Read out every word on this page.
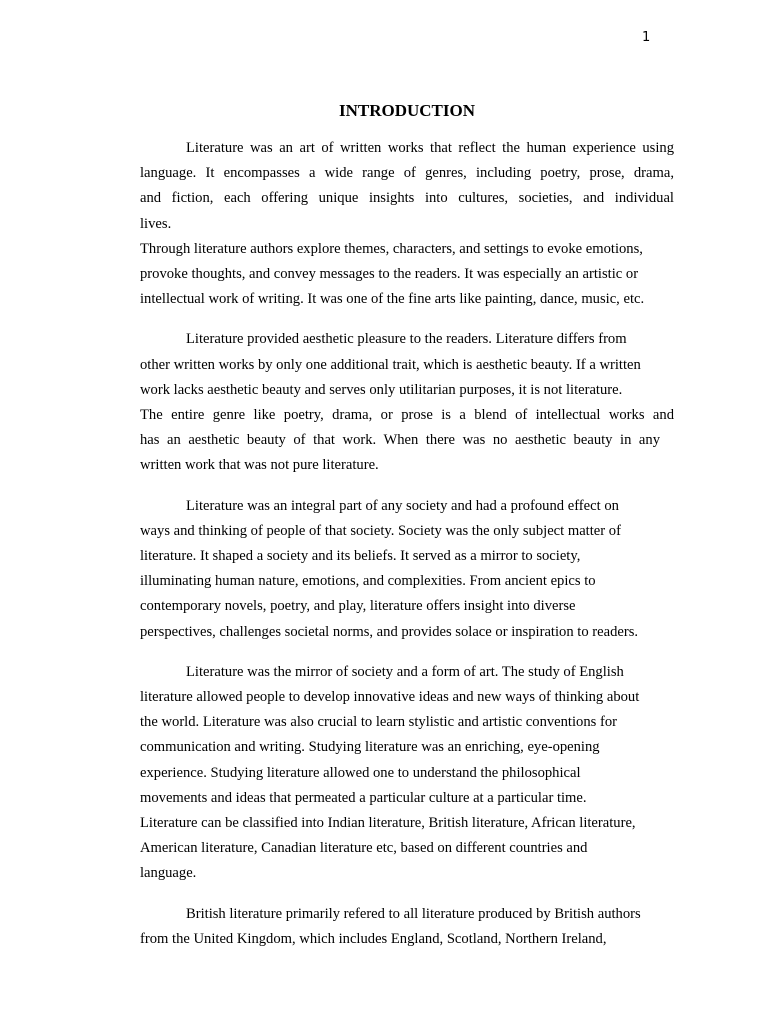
1
INTRODUCTION

Literature was an art of written works that reflect the human experience using
language. It encompasses a wide range of genres, including poetry, prose, drama,
and fiction, each offering unique insights into cultures, societies, and individual
lives.

Through literature authors explore themes, characters, and settings to evoke emotions,
provoke thoughts, and convey messages to the readers. It was especially an artistic or
intellectual work of writing. It was one of the fine arts like painting, dance, music, etc.

Literature provided aesthetic pleasure to the readers. Literature differs from
other written works by only one additional trait, which is aesthetic beauty. If a written
work lacks aesthetic beauty and serves only utilitarian purposes, it is not literature.
The entire genre like poetry, drama, or prose is a blend of intellectual works and
has an aesthetic beauty of that work. When there was no aesthetic beauty in any
written work that was not pure literature.

Literature was an integral part of any society and had a profound effect on
ways and thinking of people of that society. Society was the only subject matter of
literature. It shaped a society and its beliefs. It served as a mirror to society,
illuminating human nature, emotions, and complexities. From ancient epics to
contemporary novels, poetry, and play, literature offers insight into diverse
perspectives, challenges societal norms, and provides solace or inspiration to readers.

Literature was the mirror of society and a form of art. The study of English
literature allowed people to develop innovative ideas and new ways of thinking about
the world. Literature was also crucial to learn stylistic and artistic conventions for
communication and writing. Studying literature was an enriching, eye-opening
experience. Studying literature allowed one to understand the philosophical
movements and ideas that permeated a particular culture at a particular time.
Literature can be classified into Indian literature, British literature, African literature,
American literature, Canadian literature etc, based on different countries and
language.

British literature primarily refered to all literature produced by British authors
from the United Kingdom, which includes England, Scotland, Northern Ireland,
